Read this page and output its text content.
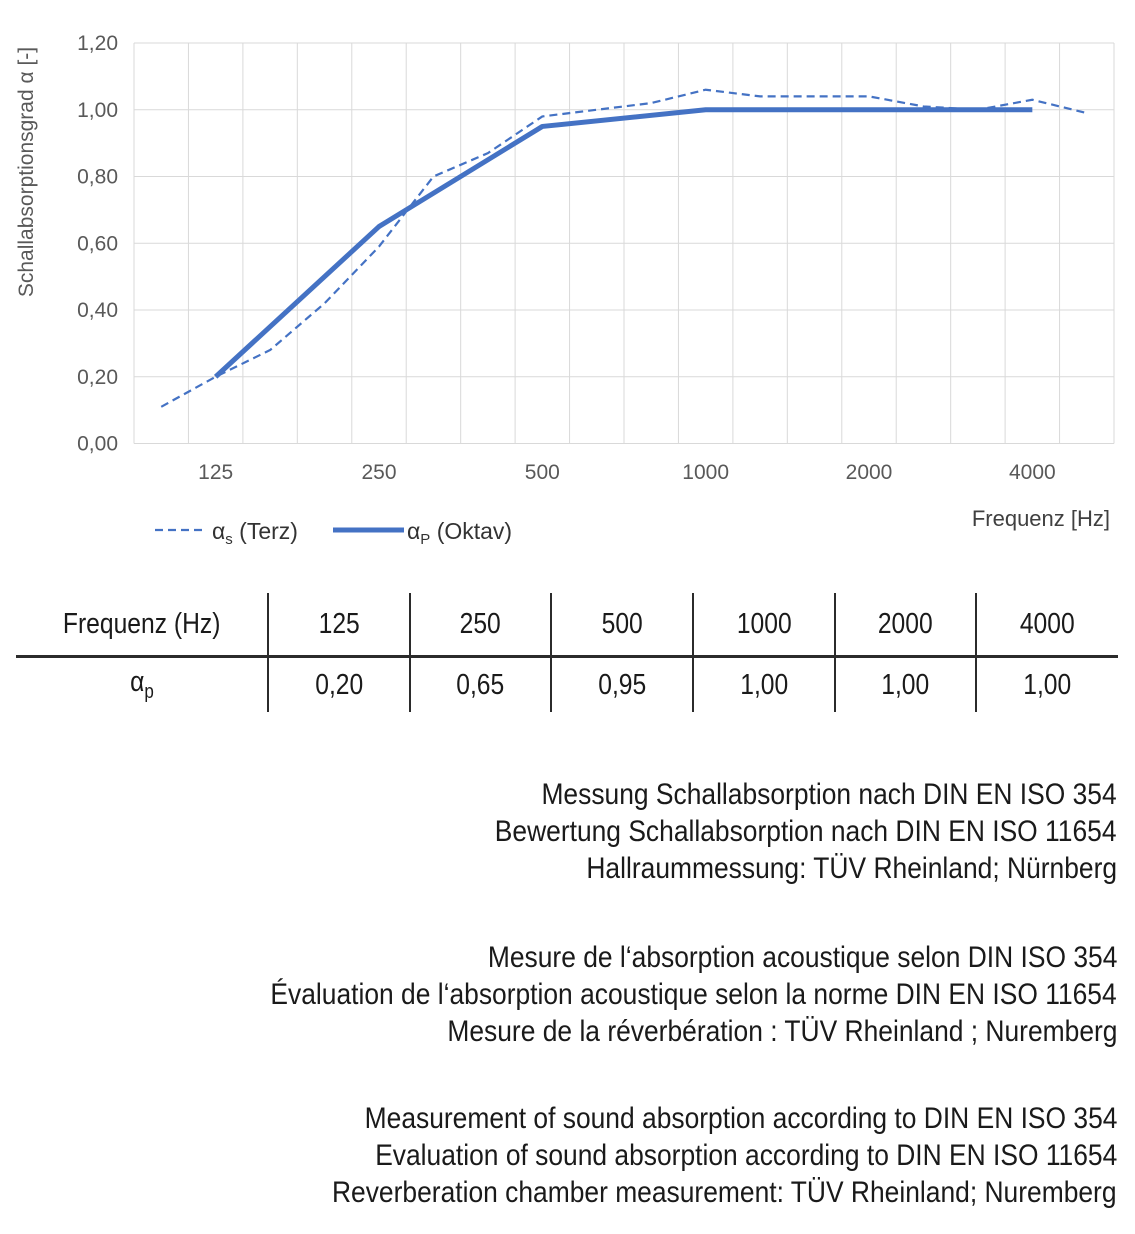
0,00
0,20
0,40
0,60
0,80
1,00
1,20
125	250	500	1000	2000	4000
Schallabsorptionsgrad α [-]
$\alpha_s$ (Terz)	$\alpha_P$ (Oktav)	Frequenz [Hz]
Frequenz (Hz)	125	250	500	1000	2000	4000
$\alpha_p$	0,20	0,65	0,95	1,00	1,00	1,00
Messung Schallabsorption nach DIN EN ISO 354
Bewertung Schallabsorption nach DIN EN ISO 11654
Hallraummessung: TÜV Rheinland; Nürnberg
Mesure de l‘absorption acoustique selon DIN ISO 354
Évaluation de l‘absorption acoustique selon la norme DIN EN ISO 11654
Mesure de la réverbération : TÜV Rheinland ; Nuremberg
Measurement of sound absorption according to DIN EN ISO 354
Evaluation of sound absorption according to DIN EN ISO 11654
Reverberation chamber measurement: TÜV Rheinland; Nuremberg
